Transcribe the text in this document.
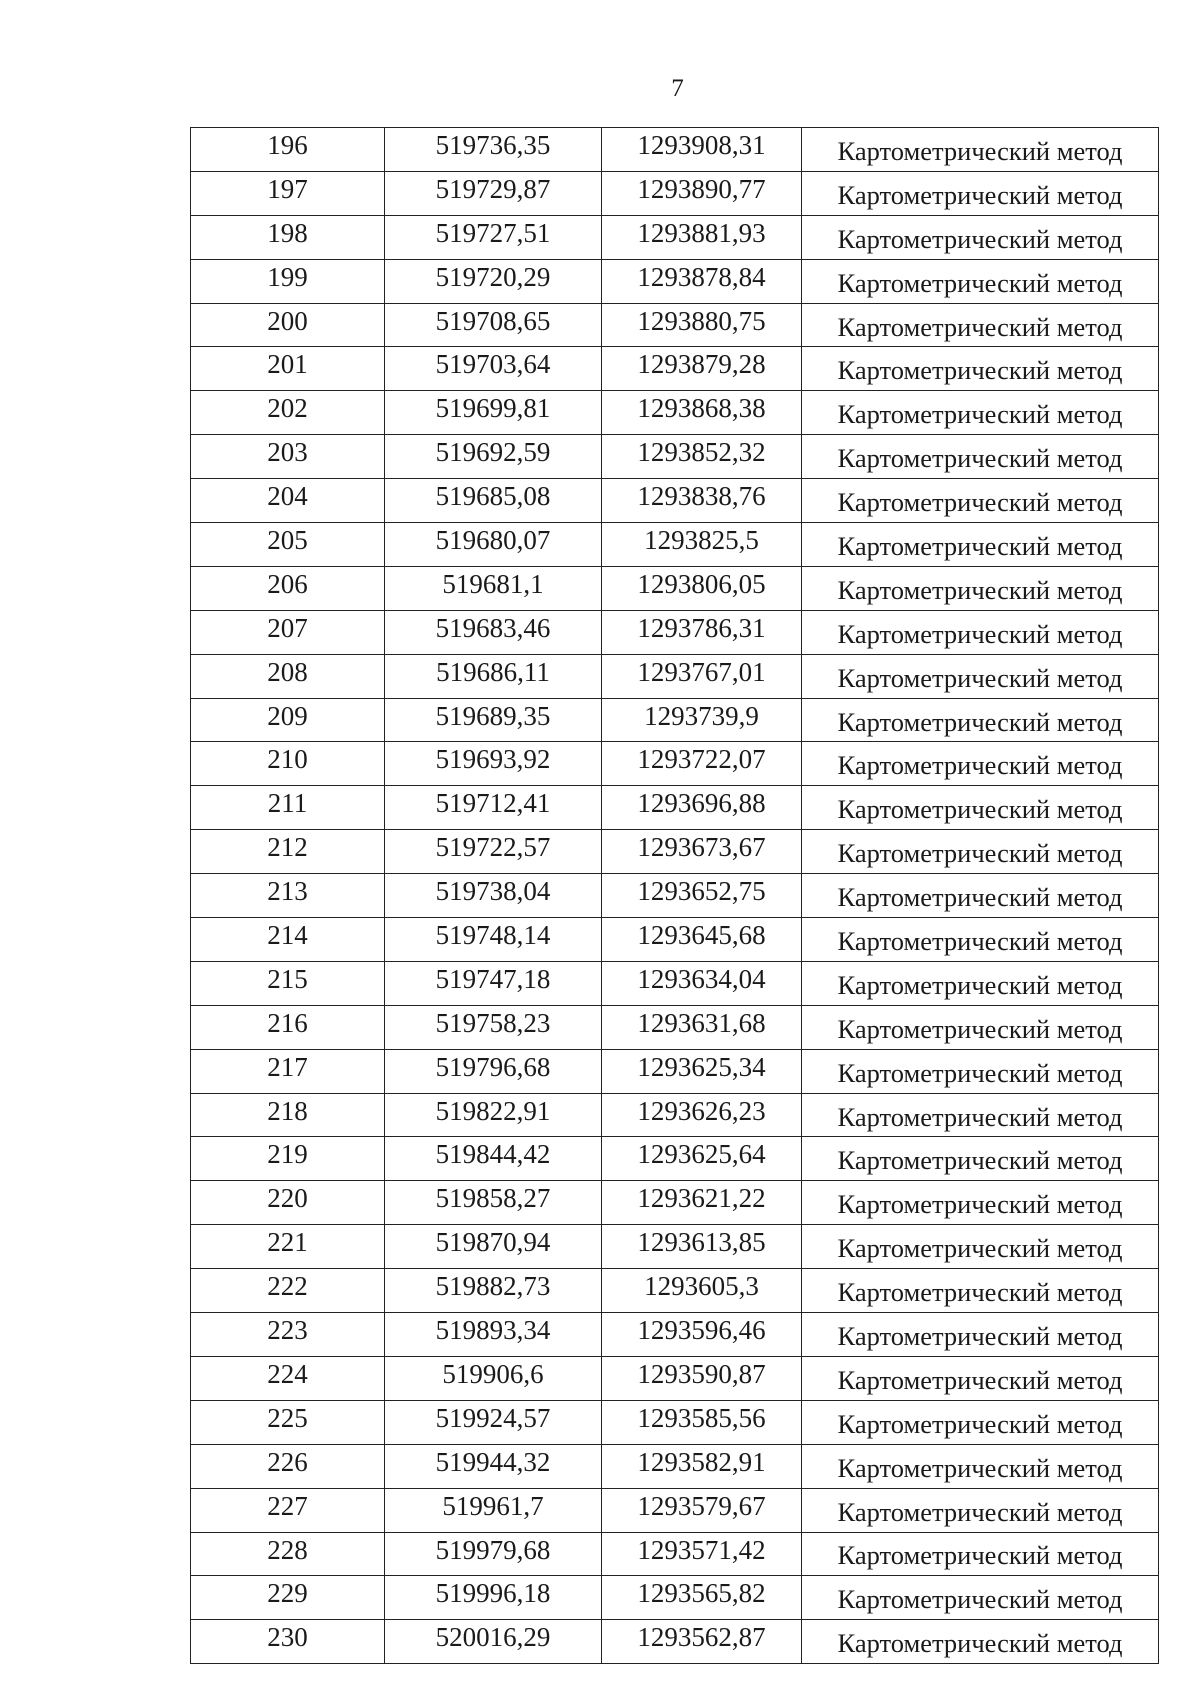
7
196	519736,35	1293908,31	Картометрический метод
197	519729,87	1293890,77	Картометрический метод
198	519727,51	1293881,93	Картометрический метод
199	519720,29	1293878,84	Картометрический метод
200	519708,65	1293880,75	Картометрический метод
201	519703,64	1293879,28	Картометрический метод
202	519699,81	1293868,38	Картометрический метод
203	519692,59	1293852,32	Картометрический метод
204	519685,08	1293838,76	Картометрический метод
205	519680,07	1293825,5	Картометрический метод
206	519681,1	1293806,05	Картометрический метод
207	519683,46	1293786,31	Картометрический метод
208	519686,11	1293767,01	Картометрический метод
209	519689,35	1293739,9	Картометрический метод
210	519693,92	1293722,07	Картометрический метод
211	519712,41	1293696,88	Картометрический метод
212	519722,57	1293673,67	Картометрический метод
213	519738,04	1293652,75	Картометрический метод
214	519748,14	1293645,68	Картометрический метод
215	519747,18	1293634,04	Картометрический метод
216	519758,23	1293631,68	Картометрический метод
217	519796,68	1293625,34	Картометрический метод
218	519822,91	1293626,23	Картометрический метод
219	519844,42	1293625,64	Картометрический метод
220	519858,27	1293621,22	Картометрический метод
221	519870,94	1293613,85	Картометрический метод
222	519882,73	1293605,3	Картометрический метод
223	519893,34	1293596,46	Картометрический метод
224	519906,6	1293590,87	Картометрический метод
225	519924,57	1293585,56	Картометрический метод
226	519944,32	1293582,91	Картометрический метод
227	519961,7	1293579,67	Картометрический метод
228	519979,68	1293571,42	Картометрический метод
229	519996,18	1293565,82	Картометрический метод
230	520016,29	1293562,87	Картометрический метод
